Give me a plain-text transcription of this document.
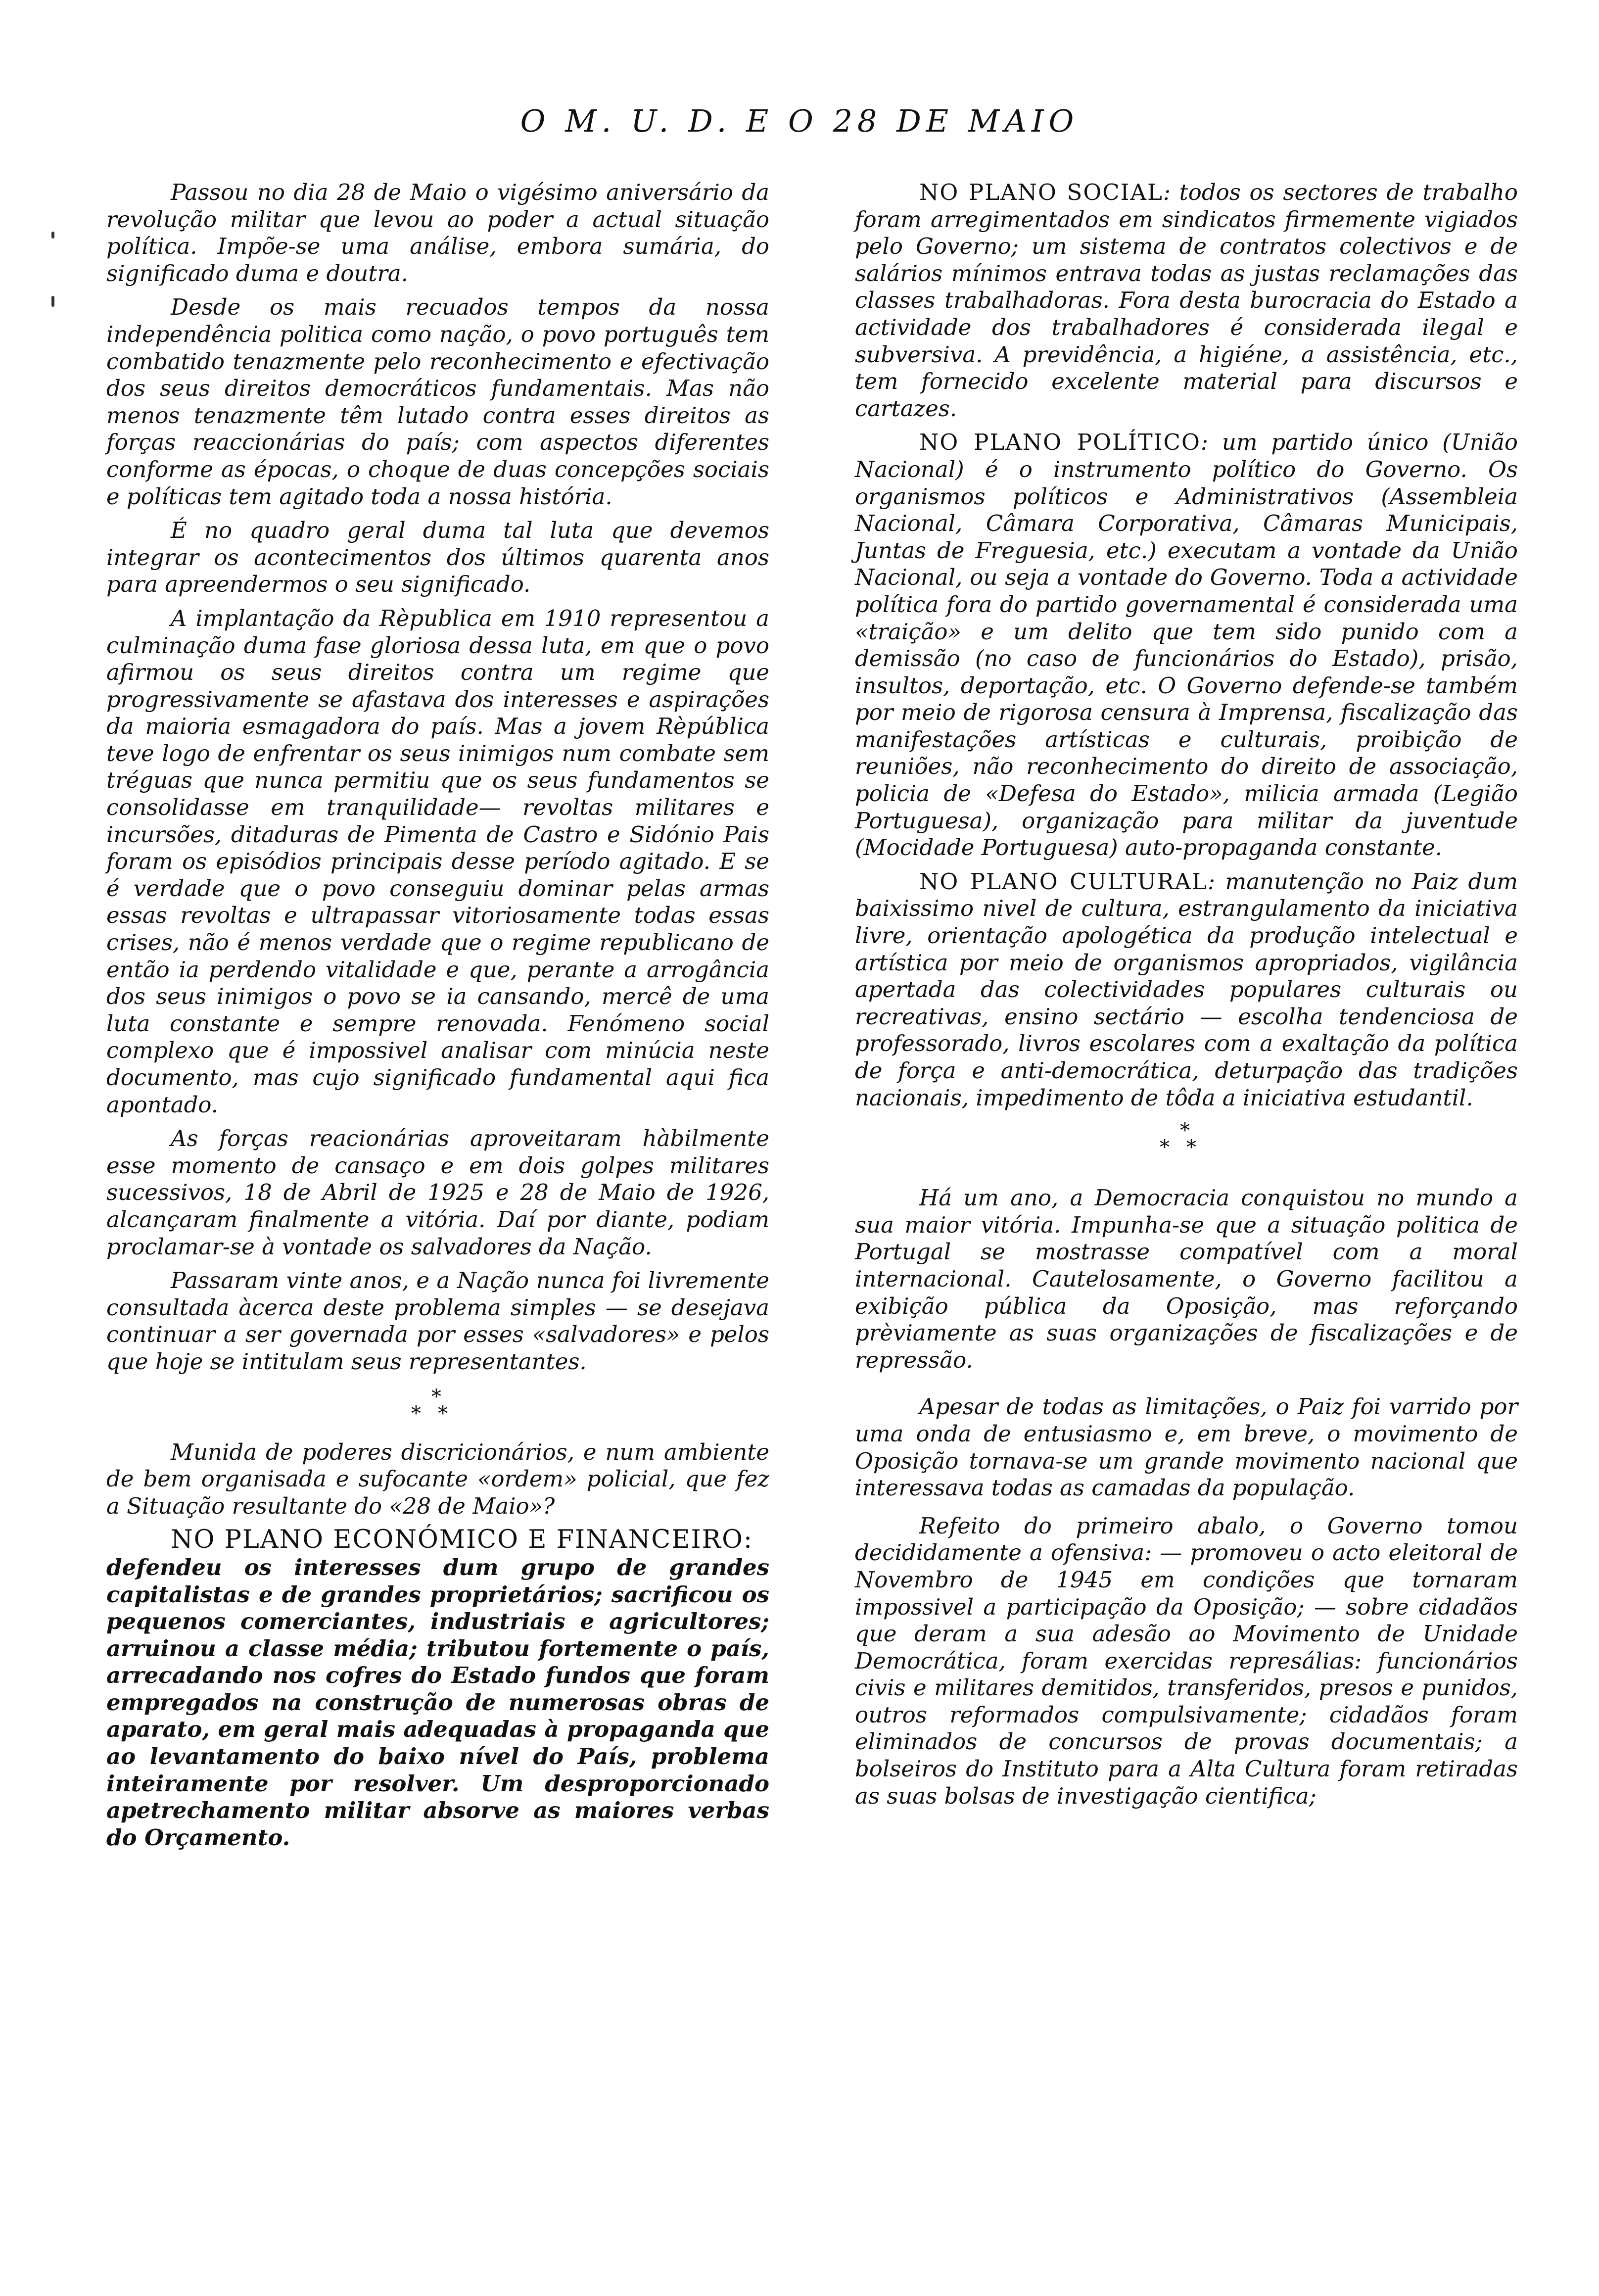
O M. U. D. E O 28 DE MAIO

Passou no dia 28 de Maio o vigésimo aniversário da revolução militar que levou ao poder a actual situação política. Impõe-se uma análise, embora sumária, do significado duma e doutra.

Desde os mais recuados tempos da nossa independência politica como nação, o povo português tem combatido tenazmente pelo reconhecimento e efectivação dos seus direitos democráticos fundamentais. Mas não menos tenazmente têm lutado contra esses direitos as forças reaccionárias do país; com aspectos diferentes conforme as épocas, o choque de duas concepções sociais e políticas tem agitado toda a nossa história.

É no quadro geral duma tal luta que devemos integrar os acontecimentos dos últimos quarenta anos para apreendermos o seu significado.

A implantação da Rèpublica em 1910 representou a culminação duma fase gloriosa dessa luta, em que o povo afirmou os seus direitos contra um regime que progressivamente se afastava dos interesses e aspirações da maioria esmagadora do país. Mas a jovem Rèpública teve logo de enfrentar os seus inimigos num combate sem tréguas que nunca permitiu que os seus fundamentos se consolidasse em tranquilidade— revoltas militares e incursões, ditaduras de Pimenta de Castro e Sidónio Pais foram os episódios principais desse período agitado. E se é verdade que o povo conseguiu dominar pelas armas essas revoltas e ultrapassar vitoriosamente todas essas crises, não é menos verdade que o regime republicano de então ia perdendo vitalidade e que, perante a arrogância dos seus inimigos o povo se ia cansando, mercê de uma luta constante e sempre renovada. Fenómeno social complexo que é impossivel analisar com minúcia neste documento, mas cujo significado fundamental aqui fica apontado.

As forças reacionárias aproveitaram hàbilmente esse momento de cansaço e em dois golpes militares sucessivos, 18 de Abril de 1925 e 28 de Maio de 1926, alcançaram finalmente a vitória. Daí por diante, podiam proclamar-se à vontade os salvadores da Nação.

Passaram vinte anos, e a Nação nunca foi livremente consultada àcerca deste problema simples — se desejava continuar a ser governada por esses «salvadores» e pelos que hoje se intitulam seus representantes.

*
**

Munida de poderes discricionários, e num ambiente de bem organisada e sufocante «ordem» policial, que fez a Situação resultante do «28 de Maio»?

NO PLANO ECONÓMICO E FINANCEIRO:

defendeu os interesses dum grupo de grandes capitalistas e de grandes proprietários; sacrificou os pequenos comerciantes, industriais e agricultores; arruinou a classe média; tributou fortemente o país, arrecadando nos cofres do Estado fundos que foram empregados na construção de numerosas obras de aparato, em geral mais adequadas à propaganda que ao levantamento do baixo nível do País, problema inteiramente por resolver. Um desproporcionado apetrechamento militar absorve as maiores verbas do Orçamento.

NO PLANO SOCIAL: todos os sectores de trabalho foram arregimentados em sindicatos firmemente vigiados pelo Governo; um sistema de contratos colectivos e de salários mínimos entrava todas as justas reclamações das classes trabalhadoras. Fora desta burocracia do Estado a actividade dos trabalhadores é considerada ilegal e subversiva. A previdência, a higiéne, a assistência, etc., tem fornecido excelente material para discursos e cartazes.

NO PLANO POLÍTICO: um partido único (União Nacional) é o instrumento político do Governo. Os organismos políticos e Administrativos (Assembleia Nacional, Câmara Corporativa, Câmaras Municipais, Juntas de Freguesia, etc.) executam a vontade da União Nacional, ou seja a vontade do Governo. Toda a actividade política fora do partido governamental é considerada uma «traição» e um delito que tem sido punido com a demissão (no caso de funcionários do Estado), prisão, insultos, deportação, etc. O Governo defende-se também por meio de rigorosa censura à Imprensa, fiscalização das manifestações artísticas e culturais, proibição de reuniões, não reconhecimento do direito de associação, policia de «Defesa do Estado», milicia armada (Legião Portuguesa), organização para militar da juventude (Mocidade Portuguesa) auto-propaganda constante.

NO PLANO CULTURAL: manutenção no Paiz dum baixissimo nivel de cultura, estrangulamento da iniciativa livre, orientação apologética da produção intelectual e artística por meio de organismos apropriados, vigilância apertada das colectividades populares culturais ou recreativas, ensino sectário — escolha tendenciosa de professorado, livros escolares com a exaltação da política de força e anti-democrática, deturpação das tradições nacionais, impedimento de tôda a iniciativa estudantil.

*
**

Há um ano, a Democracia conquistou no mundo a sua maior vitória. Impunha-se que a situação politica de Portugal se mostrasse compatível com a moral internacional. Cautelosamente, o Governo facilitou a exibição pública da Oposição, mas reforçando prèviamente as suas organizações de fiscalizações e de repressão.

Apesar de todas as limitações, o Paiz foi varrido por uma onda de entusiasmo e, em breve, o movimento de Oposição tornava-se um grande movimento nacional que interessava todas as camadas da população.

Refeito do primeiro abalo, o Governo tomou decididamente a ofensiva: — promoveu o acto eleitoral de Novembro de 1945 em condições que tornaram impossivel a participação da Oposição; — sobre cidadãos que deram a sua adesão ao Movimento de Unidade Democrática, foram exercidas represálias: funcionários civis e militares demitidos, transferidos, presos e punidos, outros reformados compulsivamente; cidadãos foram eliminados de concursos de provas documentais; a bolseiros do Instituto para a Alta Cultura foram retiradas as suas bolsas de investigação cientifica;
